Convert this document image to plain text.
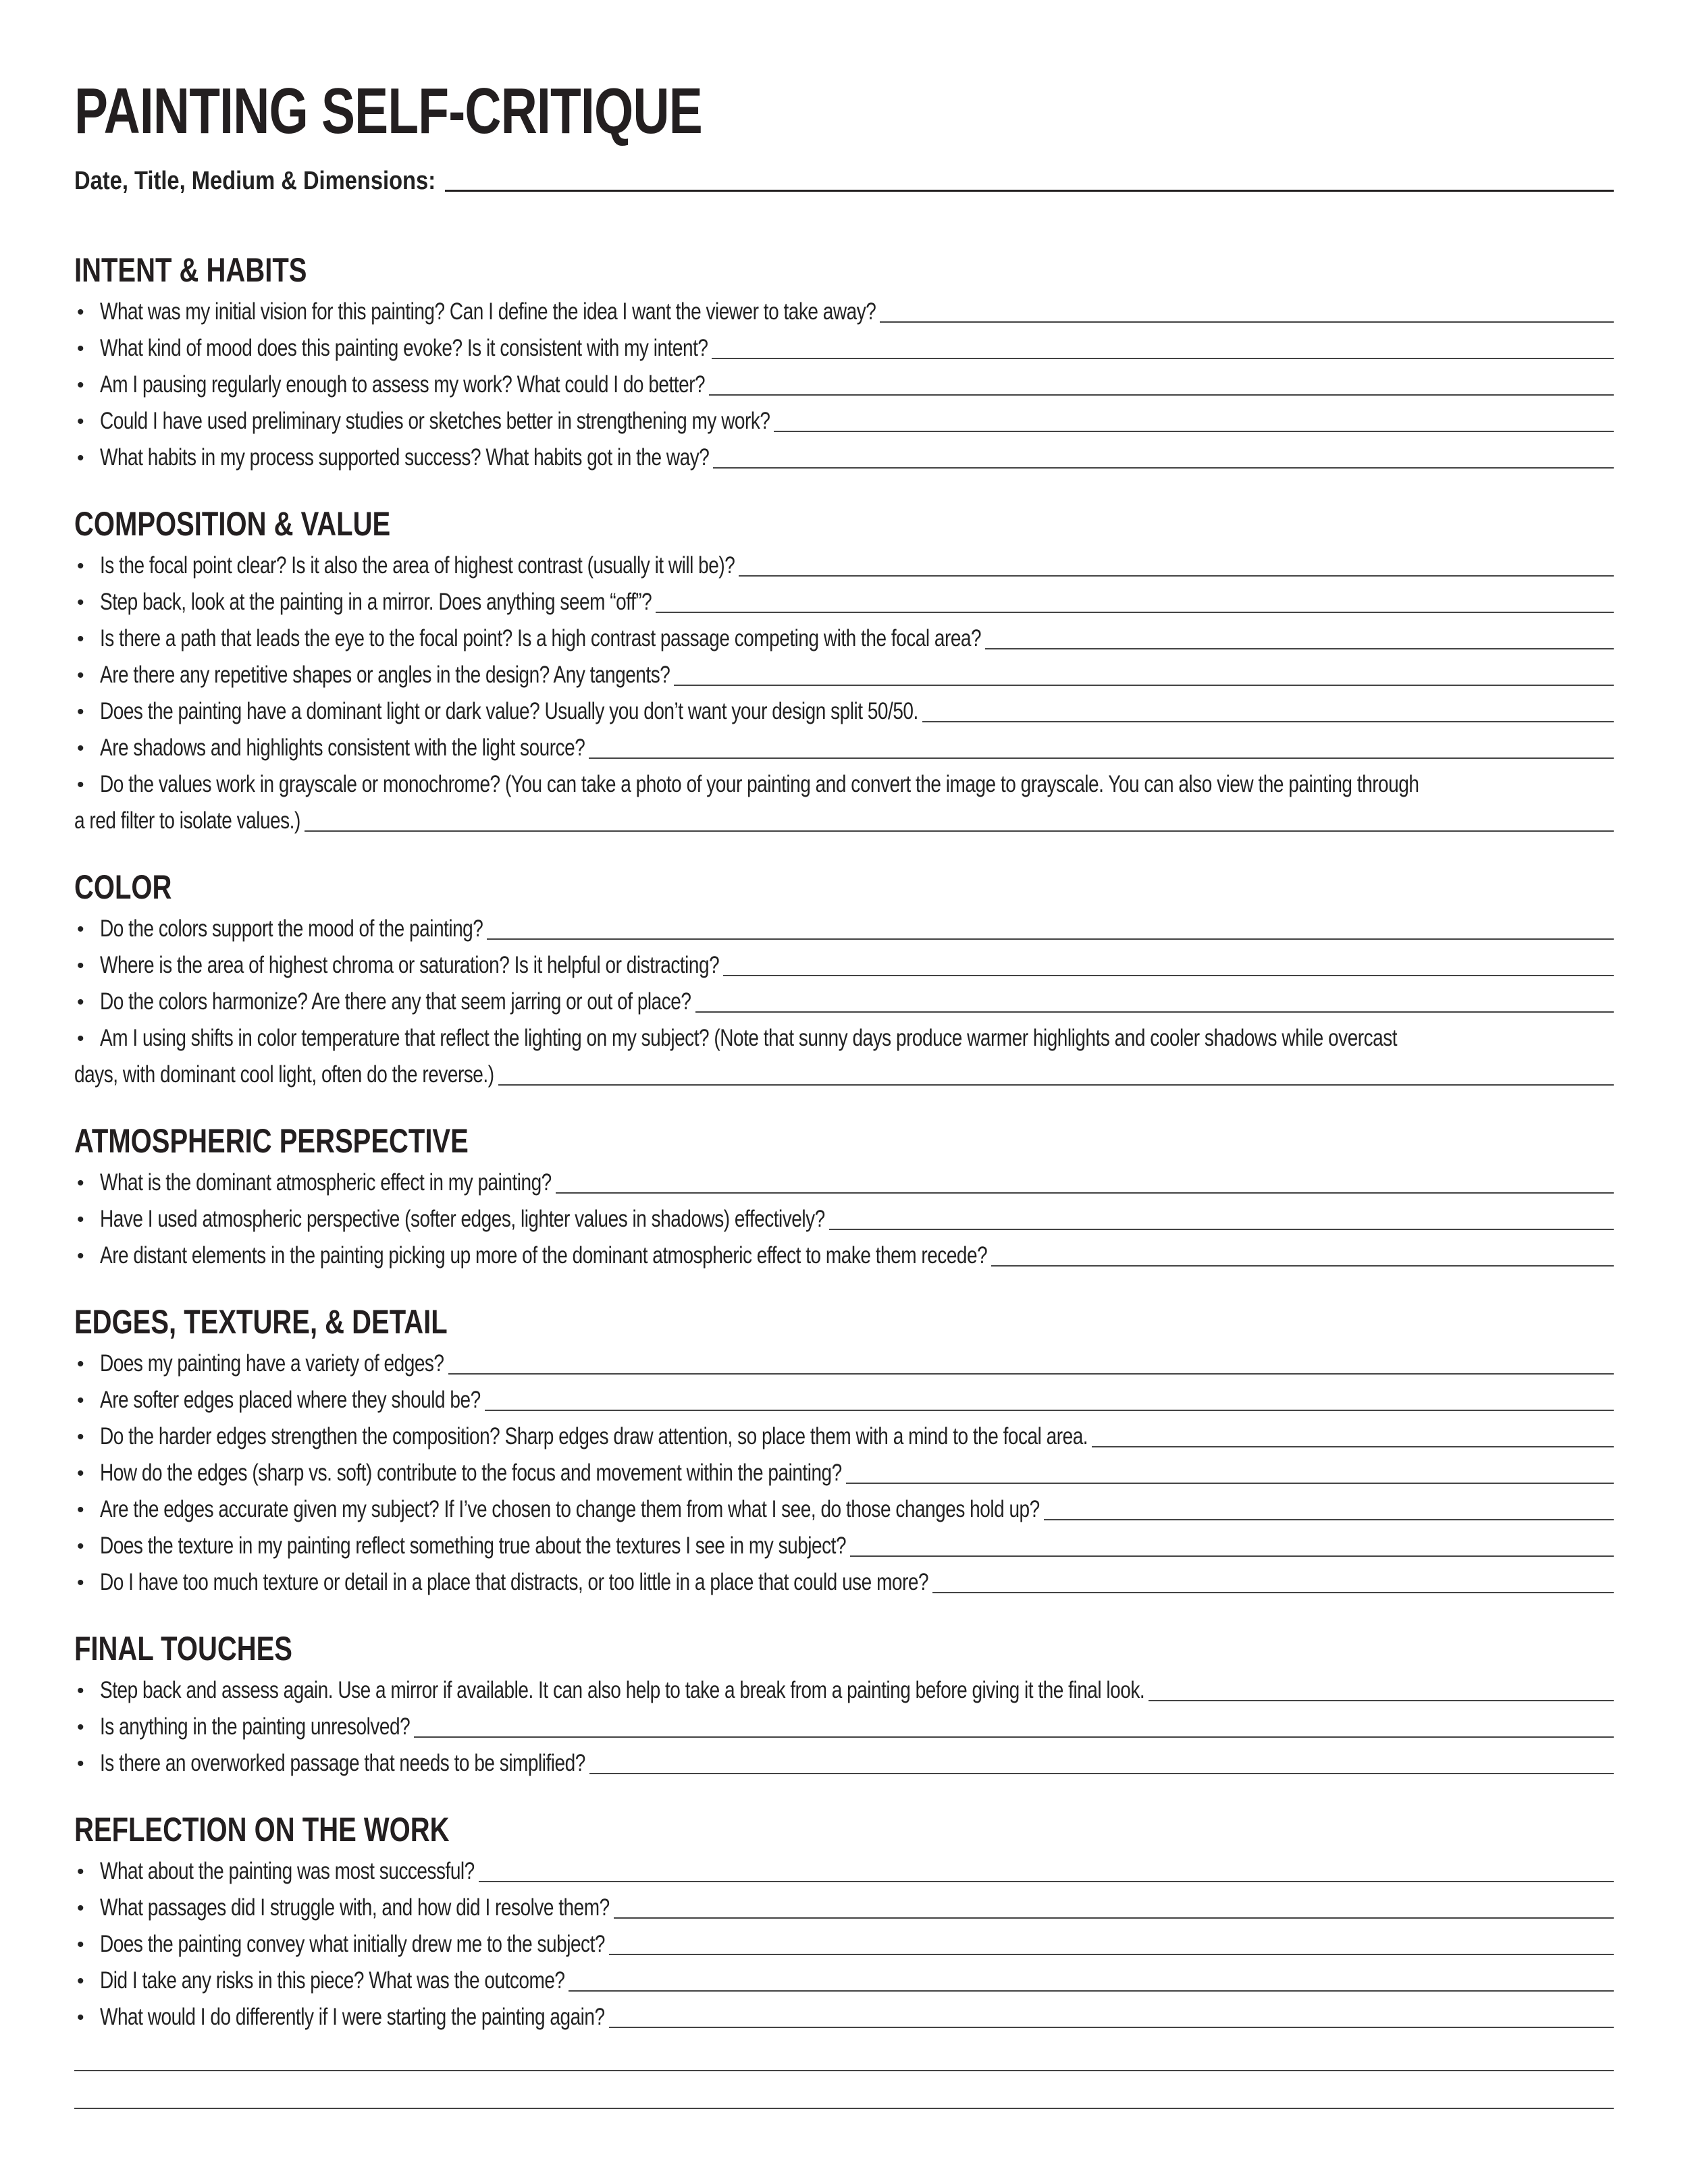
PAINTING SELF-CRITIQUE
Date, Title, Medium & Dimensions:
INTENT & HABITS
• What was my initial vision for this painting? Can I define the idea I want the viewer to take away?
• What kind of mood does this painting evoke? Is it consistent with my intent?
• Am I pausing regularly enough to assess my work? What could I do better?
• Could I have used preliminary studies or sketches better in strengthening my work?
• What habits in my process supported success? What habits got in the way?
COMPOSITION & VALUE
• Is the focal point clear? Is it also the area of highest contrast (usually it will be)?
• Step back, look at the painting in a mirror. Does anything seem “off”?
• Is there a path that leads the eye to the focal point? Is a high contrast passage competing with the focal area?
• Are there any repetitive shapes or angles in the design? Any tangents?
• Does the painting have a dominant light or dark value? Usually you don’t want your design split 50/50.
• Are shadows and highlights consistent with the light source?
• Do the values work in grayscale or monochrome? (You can take a photo of your painting and convert the image to grayscale. You can also view the painting through
a red filter to isolate values.)
COLOR
• Do the colors support the mood of the painting?
• Where is the area of highest chroma or saturation? Is it helpful or distracting?
• Do the colors harmonize? Are there any that seem jarring or out of place?
• Am I using shifts in color temperature that reflect the lighting on my subject? (Note that sunny days produce warmer highlights and cooler shadows while overcast
days, with dominant cool light, often do the reverse.)
ATMOSPHERIC PERSPECTIVE
• What is the dominant atmospheric effect in my painting?
• Have I used atmospheric perspective (softer edges, lighter values in shadows) effectively?
• Are distant elements in the painting picking up more of the dominant atmospheric effect to make them recede?
EDGES, TEXTURE, & DETAIL
• Does my painting have a variety of edges?
• Are softer edges placed where they should be?
• Do the harder edges strengthen the composition? Sharp edges draw attention, so place them with a mind to the focal area.
• How do the edges (sharp vs. soft) contribute to the focus and movement within the painting?
• Are the edges accurate given my subject? If I’ve chosen to change them from what I see, do those changes hold up?
• Does the texture in my painting reflect something true about the textures I see in my subject?
• Do I have too much texture or detail in a place that distracts, or too little in a place that could use more?
FINAL TOUCHES
• Step back and assess again. Use a mirror if available. It can also help to take a break from a painting before giving it the final look.
• Is anything in the painting unresolved?
• Is there an overworked passage that needs to be simplified?
REFLECTION ON THE WORK
• What about the painting was most successful?
• What passages did I struggle with, and how did I resolve them?
• Does the painting convey what initially drew me to the subject?
• Did I take any risks in this piece? What was the outcome?
• What would I do differently if I were starting the painting again?
